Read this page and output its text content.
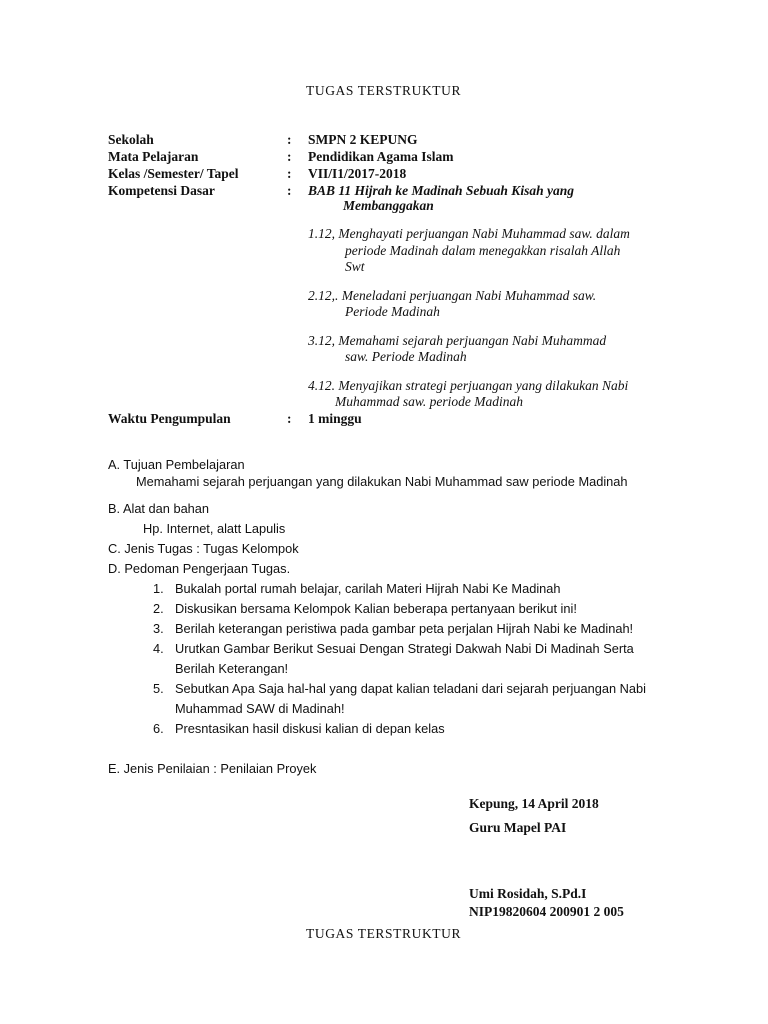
TUGAS TERSTRUKTUR
Sekolah	: SMPN 2 KEPUNG
Mata Pelajaran	: Pendidikan Agama Islam
Kelas /Semester/ Tapel	: VII/I1/2017-2018
Kompetensi Dasar	: BAB 11 Hijrah ke Madinah Sebuah Kisah yang
Membanggakan
1.12, Menghayati perjuangan Nabi Muhammad saw. dalam
periode Madinah dalam menegakkan risalah Allah
Swt
2.12,. Meneladani perjuangan Nabi Muhammad saw.
Periode Madinah
3.12, Memahami sejarah perjuangan Nabi Muhammad
saw. Periode Madinah
4.12. Menyajikan strategi perjuangan yang dilakukan Nabi
Muhammad saw. periode Madinah
Waktu Pengumpulan	: 1 minggu
A. Tujuan Pembelajaran
Memahami sejarah perjuangan yang dilakukan Nabi Muhammad saw periode Madinah
B. Alat dan bahan
Hp. Internet, alatt Lapulis
C. Jenis Tugas : Tugas Kelompok
D. Pedoman Pengerjaan Tugas.
1. Bukalah portal rumah belajar, carilah Materi Hijrah Nabi Ke Madinah
2. Diskusikan bersama Kelompok Kalian beberapa pertanyaan berikut ini!
3. Berilah keterangan peristiwa pada gambar peta perjalan Hijrah Nabi ke Madinah!
4. Urutkan Gambar Berikut Sesuai Dengan Strategi Dakwah Nabi Di Madinah Serta
Berilah Keterangan!
5. Sebutkan Apa Saja hal-hal yang dapat kalian teladani dari sejarah perjuangan Nabi
Muhammad SAW di Madinah!
6. Presntasikan hasil diskusi kalian di depan kelas
E. Jenis Penilaian : Penilaian Proyek
Kepung, 14 April 2018
Guru Mapel PAI
Umi Rosidah, S.Pd.I
NIP19820604 200901 2 005
TUGAS TERSTRUKTUR
